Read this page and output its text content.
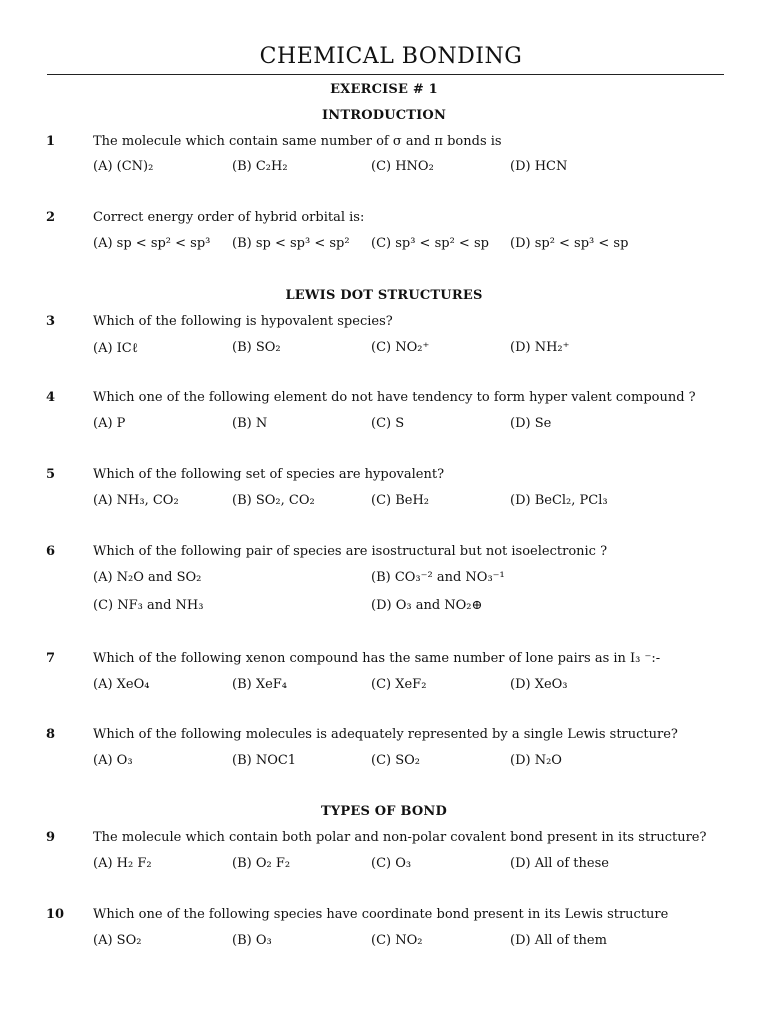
CHEMICAL BONDING
EXERCISE # 1
INTRODUCTION
1	The molecule which contain same number of σ and π bonds is
(A) (CN)₂	(B) C₂H₂	(C) HNO₂	(D) HCN
2	Correct energy order of hybrid orbital is:
(A) sp < sp² < sp³ (B) sp < sp³ < sp² (C) sp³ < sp² < sp (D) sp² < sp³ < sp
LEWIS DOT STRUCTURES
3	Which of the following is hypovalent species?
(A) ICℓ	(B) SO₂	(C) NO₂⁺	(D) NH₂⁺
4	Which one of the following element do not have tendency to form hyper valent compound ?
(A) P	(B) N	(C) S	(D) Se
5	Which of the following set of species are hypovalent?
(A) NH₃, CO₂	(B) SO₂, CO₂	(C) BeH₂	(D) BeCl₂, PCl₃
6	Which of the following pair of species are isostructural but not isoelectronic ?
(A) N₂O and SO₂	(B) CO₃⁻² and NO₃⁻¹
(C) NF₃ and NH₃	(D) O₃ and NO₂⊕
7	Which of the following xenon compound has the same number of lone pairs as in I₃ ⁻:-
(A) XeO₄	(B) XeF₄	(C) XeF₂	(D) XeO₃
8	Which of the following molecules is adequately represented by a single Lewis structure?
(A) O₃	(B) NOC1	(C) SO₂	(D) N₂O
TYPES OF BOND
9	The molecule which contain both polar and non-polar covalent bond present in its structure?
(A) H₂ F₂	(B) O₂ F₂	(C) O₃	(D) All of these
10 Which one of the following species have coordinate bond present in its Lewis structure
(A) SO₂	(B) O₃	(C) NO₂	(D) All of them
